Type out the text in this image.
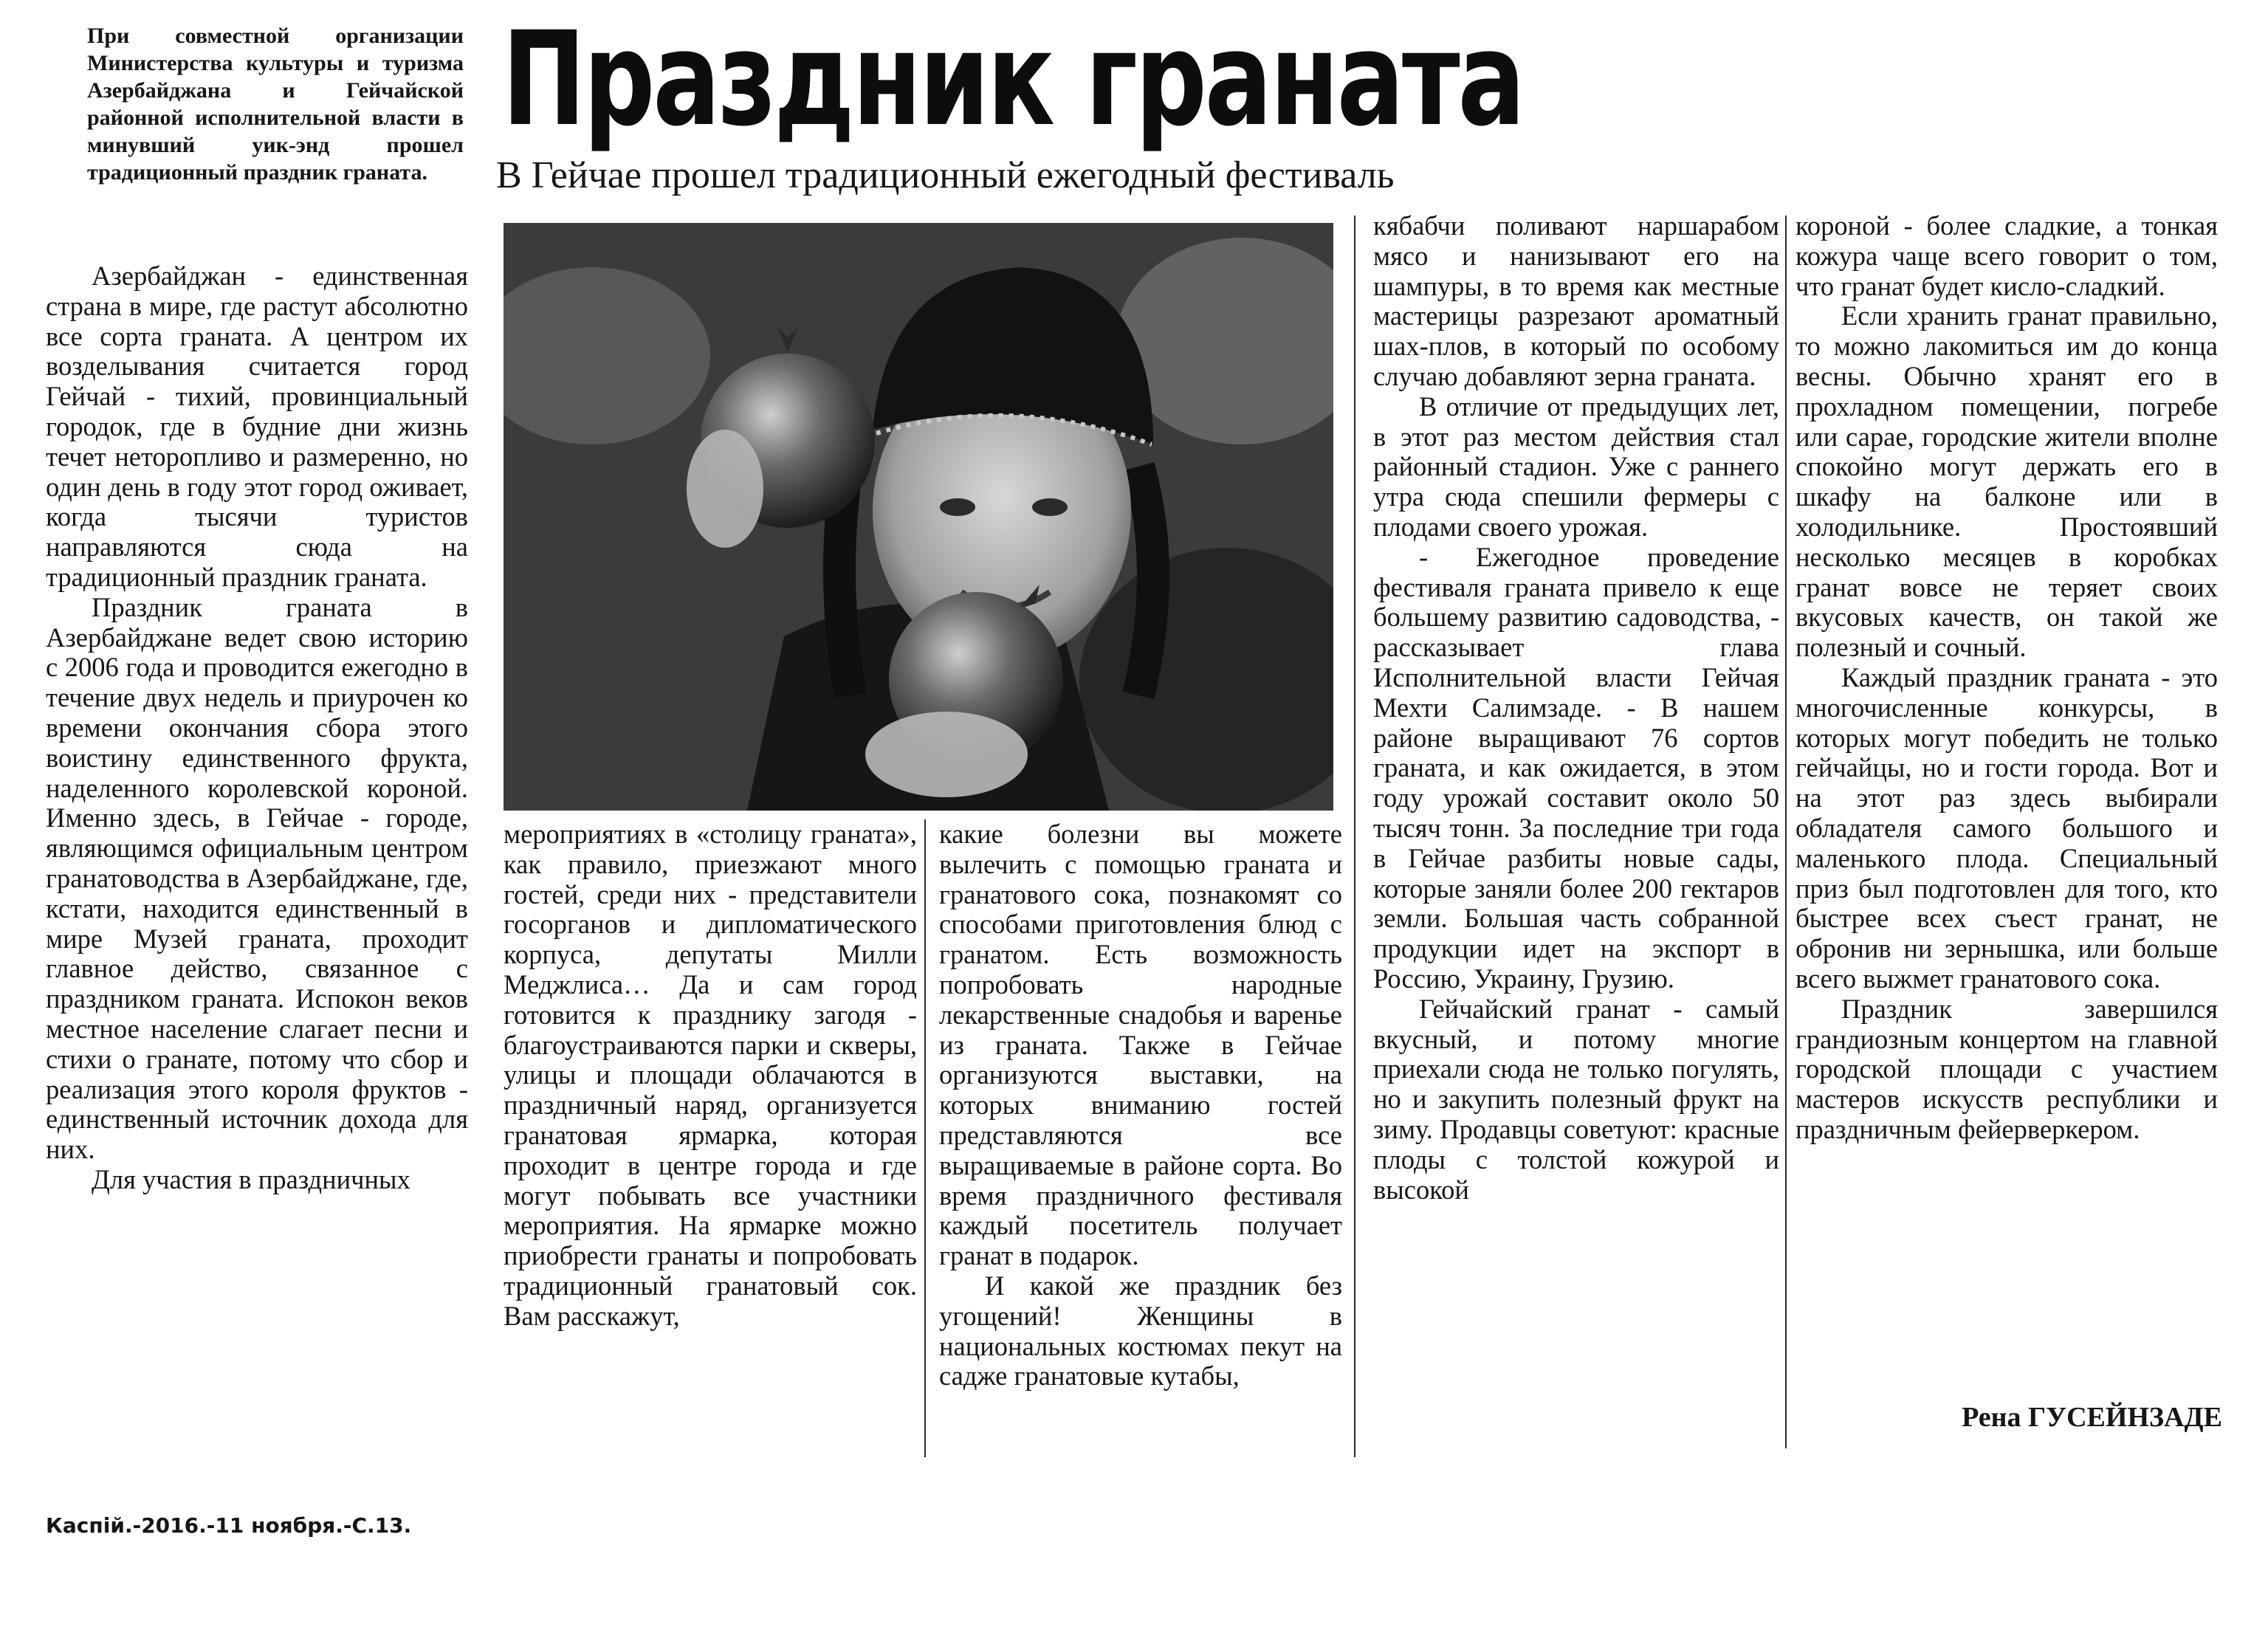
При совместной организации Министерства культуры и туризма Азербайджана и Гейчайской районной исполнительной власти в минувший уик-энд прошел традиционный праздник граната.
Праздник граната
В Гейчае прошел традиционный ежегодный фестиваль

Азербайджан - единственная страна в мире, где растут абсолютно все сорта граната. А центром их возделывания считается город Гейчай - тихий, провинциальный городок, где в будние дни жизнь течет неторопливо и размеренно, но один день в году этот город оживает, когда тысячи туристов направляются сюда на традиционный праздник граната.

Праздник граната в Азербайджане ведет свою историю с 2006 года и проводится ежегодно в течение двух недель и приурочен ко времени окончания сбора этого воистину единственного фрукта, наделенного королевской короной. Именно здесь, в Гейчае - городе, являющимся официальным центром гранатоводства в Азербайджане, где, кстати, находится единственный в мире Музей граната, проходит главное действо, связанное с праздником граната. Испокон веков местное население слагает песни и стихи о гранате, потому что сбор и реализация этого короля фруктов - единственный источник дохода для них.

Для участия в праздничных

мероприятиях в «столицу граната», как правило, приезжают много гостей, среди них - представители госорганов и дипломатического корпуса, депутаты Милли Меджлиса… Да и сам город готовится к празднику загодя - благоустраиваются парки и скверы, улицы и площади облачаются в праздничный наряд, организуется гранатовая ярмарка, которая проходит в центре города и где могут побывать все участники мероприятия. На ярмарке можно приобрести гранаты и попробовать традиционный гранатовый сок. Вам расскажут,

какие болезни вы можете вылечить с помощью граната и гранатового сока, познакомят со способами приготовления блюд с гранатом. Есть возможность попробовать народные лекарственные снадобья и варенье из граната. Также в Гейчае организуются выставки, на которых вниманию гостей представляются все выращиваемые в районе сорта. Во время праздничного фестиваля каждый посетитель получает гранат в подарок.

И какой же праздник без угощений! Женщины в национальных костюмах пекут на садже гранатовые кутабы,

кябабчи поливают наршарабом мясо и нанизывают его на шампуры, в то время как местные мастерицы разрезают ароматный шах-плов, в который по особому случаю добавляют зерна граната.

В отличие от предыдущих лет, в этот раз местом действия стал районный стадион. Уже с раннего утра сюда спешили фермеры с плодами своего урожая.

- Ежегодное проведение фестиваля граната привело к еще большему развитию садоводства, - рассказывает глава Исполнительной власти Гейчая Мехти Салимзаде. - В нашем районе выращивают 76 сортов граната, и как ожидается, в этом году урожай составит около 50 тысяч тонн. За последние три года в Гейчае разбиты новые сады, которые заняли более 200 гектаров земли. Большая часть собранной продукции идет на экспорт в Россию, Украину, Грузию.

Гейчайский гранат - самый вкусный, и потому многие приехали сюда не только погулять, но и закупить полезный фрукт на зиму. Продавцы советуют: красные плоды с толстой кожурой и высокой

короной - более сладкие, а тонкая кожура чаще всего говорит о том, что гранат будет кисло-сладкий.

Если хранить гранат правильно, то можно лакомиться им до конца весны. Обычно хранят его в прохладном помещении, погребе или сарае, городские жители вполне спокойно могут держать его в шкафу на балконе или в холодильнике. Простоявший несколько месяцев в коробках гранат вовсе не теряет своих вкусовых качеств, он такой же полезный и сочный.

Каждый праздник граната - это многочисленные конкурсы, в которых могут победить не только гейчайцы, но и гости города. Вот и на этот раз здесь выбирали обладателя самого большого и маленького плода. Специальный приз был подготовлен для того, кто быстрее всех съест гранат, не обронив ни зернышка, или больше всего выжмет гранатового сока.

Праздник завершился грандиозным концертом на главной городской площади с участием мастеров искусств республики и праздничным фейерверкером.

Рена ГУСЕЙНЗАДЕ
Каспiй.-2016.-11 ноября.-С.13.
